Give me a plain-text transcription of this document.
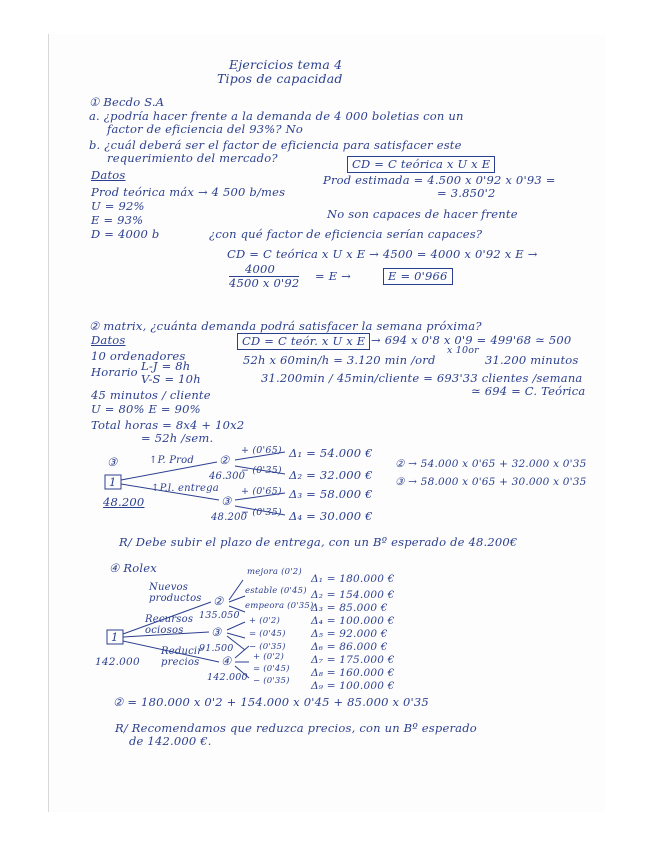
Ejercicios tema 4
Tipos de capacidad
① Becdo S.A
a. ¿podría hacer frente a la demanda de 4 000 boletias con un
factor de eficiencia del 93%? No
b. ¿cuál deberá ser el factor de eficiencia para satisfacer este
requerimiento del mercado?	CD = C teórica x U x E
Datos	Prod estimada = 4.500 x 0'92 x 0'93 =
= 3.850'2
Prod teórica máx → 4 500 b/mes
U = 92%
E = 93%
D = 4000 b
No son capaces de hacer frente
¿con qué factor de eficiencia serían capaces?
CD = C teórica x U x E → 4500 = 4000 x 0'92 x E →
4000
4500 x 0'92 = E →	E = 0'966
② matrix, ¿cuánta demanda podrá satisfacer la semana próxima?
Datos	CD = C teór. x U x E → 694 x 0'8 x 0'9 = 499'68 ≃ 500
10 ordenadores
Horario L-J = 8h
V-S = 10h
52h x 60min/h = 3.120 min /ord
x 10or
31.200 minutos
31.200min / 45min/cliente = 693'33 clientes /semana
≃ 694 = C. Teórica
45 minutos / cliente
U = 80% E = 90%
Total horas = 8x4 + 10x2
= 52h /sem.
③
1
48.200
↑P. Prod
↑P.l. entrega
②
46.300
③
48.200
+ (0'65)
− (0'35)
+ (0'65)
− (0'35)
Δ₁ = 54.000 €
Δ₂ = 32.000 €
Δ₃ = 58.000 €
Δ₄ = 30.000 €
② → 54.000 x 0'65 + 32.000 x 0'35
③ → 58.000 x 0'65 + 30.000 x 0'35
R/ Debe subir el plazo de entrega, con un Bº esperado de 48.200€
④ Rolex
1
142.000
Nuevos productos
Recursos ociosos
Reducir precios
②
135.050
③
91.500
④
142.000
mejora (0'2)
estable (0'45)
empeora (0'35)
+ (0'2)
= (0'45)
− (0'35)
+ (0'2)
= (0'45)
− (0'35)
Δ₁ = 180.000 €
Δ₂ = 154.000 €
Δ₃ = 85.000 €
Δ₄ = 100.000 €
Δ₅ = 92.000 €
Δ₆ = 86.000 €
Δ₇ = 175.000 €
Δ₈ = 160.000 €
Δ₉ = 100.000 €
② = 180.000 x 0'2 + 154.000 x 0'45 + 85.000 x 0'35
R/ Recomendamos que reduzca precios, con un Bº esperado
de 142.000 €.
